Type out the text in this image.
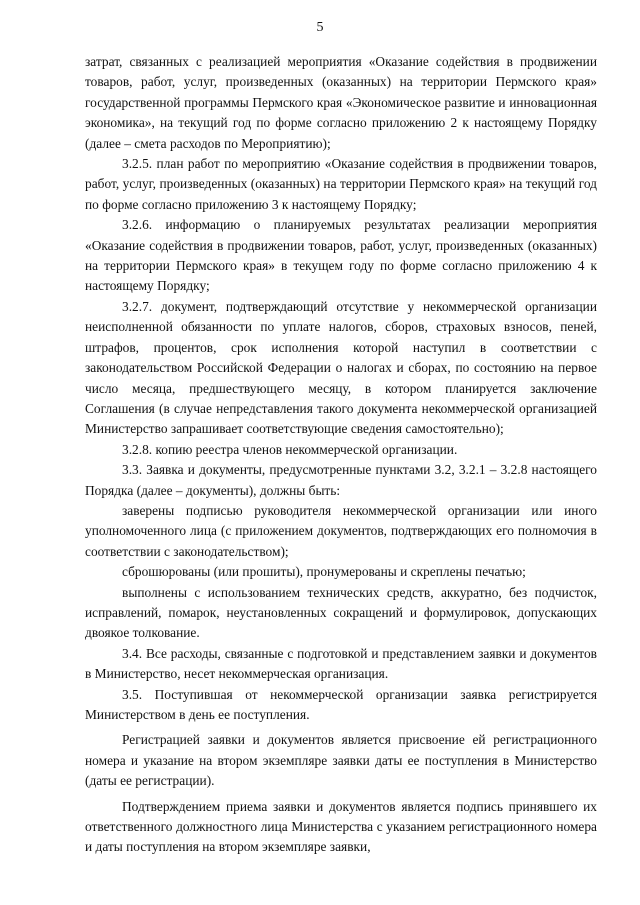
5

затрат, связанных с реализацией мероприятия «Оказание содействия в продвижении товаров, работ, услуг, произведенных (оказанных) на территории Пермского края» государственной программы Пермского края «Экономическое развитие и инновационная экономика», на текущий год по форме согласно приложению 2 к настоящему Порядку (далее – смета расходов по Мероприятию);

3.2.5. план работ по мероприятию «Оказание содействия в продвижении товаров, работ, услуг, произведенных (оказанных) на территории Пермского края» на текущий год по форме согласно приложению 3 к настоящему Порядку;

3.2.6. информацию о планируемых результатах реализации мероприятия «Оказание содействия в продвижении товаров, работ, услуг, произведенных (оказанных) на территории Пермского края» в текущем году по форме согласно приложению 4 к настоящему Порядку;

3.2.7. документ, подтверждающий отсутствие у некоммерческой организации неисполненной обязанности по уплате налогов, сборов, страховых взносов, пеней, штрафов, процентов, срок исполнения которой наступил в соответствии с законодательством Российской Федерации о налогах и сборах, по состоянию на первое число месяца, предшествующего месяцу, в котором планируется заключение Соглашения (в случае непредставления такого документа некоммерческой организацией Министерство запрашивает соответствующие сведения самостоятельно);

3.2.8. копию реестра членов некоммерческой организации.

3.3. Заявка и документы, предусмотренные пунктами 3.2, 3.2.1 – 3.2.8 настоящего Порядка (далее – документы), должны быть:

заверены подписью руководителя некоммерческой организации или иного уполномоченного лица (с приложением документов, подтверждающих его полномочия в соответствии с законодательством);

сброшюрованы (или прошиты), пронумерованы и скреплены печатью;

выполнены с использованием технических средств, аккуратно, без подчисток, исправлений, помарок, неустановленных сокращений и формулировок, допускающих двоякое толкование.

3.4. Все расходы, связанные с подготовкой и представлением заявки и документов в Министерство, несет некоммерческая организация.

3.5. Поступившая от некоммерческой организации заявка регистрируется Министерством в день ее поступления.

Регистрацией заявки и документов является присвоение ей регистрационного номера и указание на втором экземпляре заявки даты ее поступления в Министерство (даты ее регистрации).

Подтверждением приема заявки и документов является подпись принявшего их ответственного должностного лица Министерства с указанием регистрационного номера и даты поступления на втором экземпляре заявки,
